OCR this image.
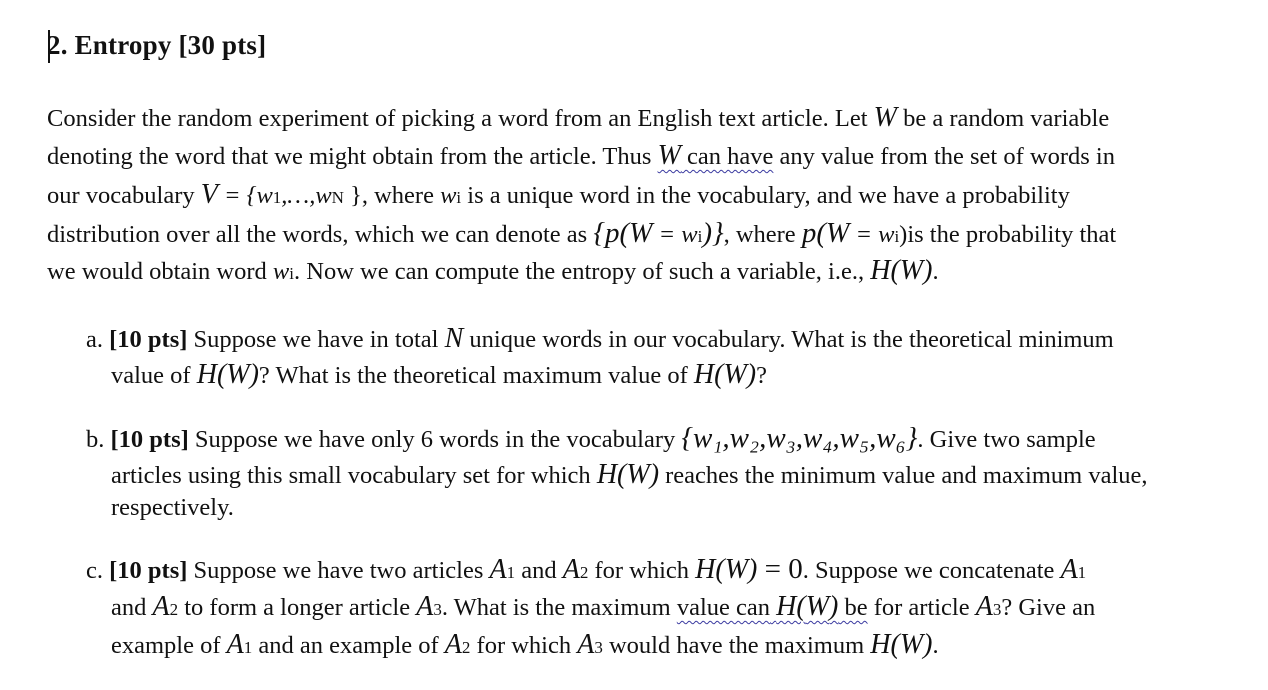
2. Entropy [30 pts]
Consider the random experiment of picking a word from an English text article. Let W be a random variable
denoting the word that we might obtain from the article. Thus W can have any value from the set of words in
our vocabulary V = {w1,…,wN }, where wi is a unique word in the vocabulary, and we have a probability
distribution over all the words, which we can denote as {p(W = wi)}, where p(W = wi)is the probability that
we would obtain word wi. Now we can compute the entropy of such a variable, i.e., H(W).
a. [10 pts] Suppose we have in total N unique words in our vocabulary. What is the theoretical minimum
value of H(W)? What is the theoretical maximum value of H(W)?
b. [10 pts] Suppose we have only 6 words in the vocabulary {w₁,w₂,w₃,w₄,w₅,w₆}. Give two sample
articles using this small vocabulary set for which H(W) reaches the minimum value and maximum value,
respectively.
c. [10 pts] Suppose we have two articles A1 and A2 for which H(W) = 0. Suppose we concatenate A1
and A2 to form a longer article A3. What is the maximum value can H(W) be for article A3? Give an
example of A1 and an example of A2 for which A3 would have the maximum H(W).
